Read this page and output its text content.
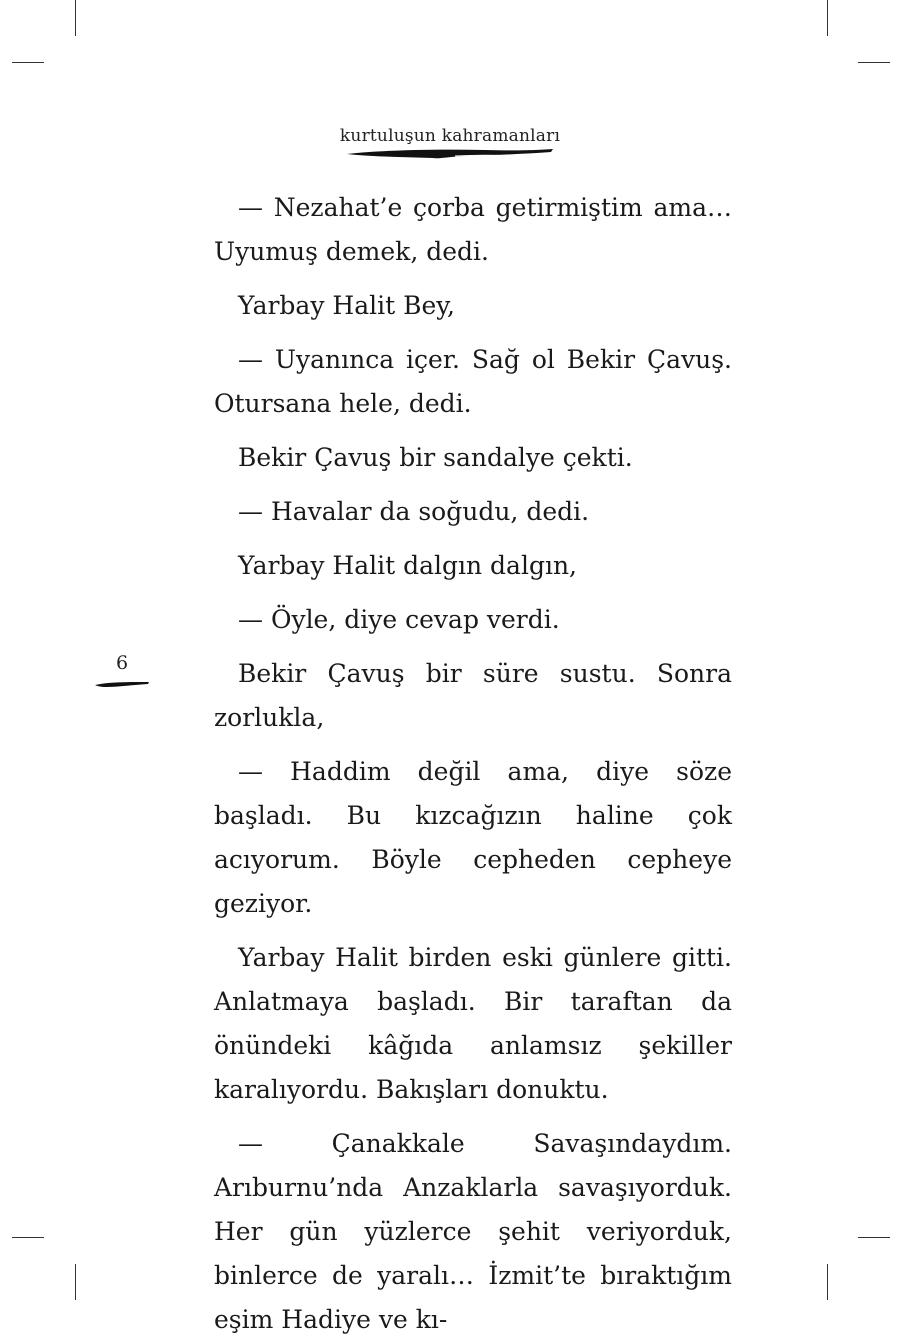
kurtuluşun kahramanları
6

— Nezahat’e çorba getirmiştim ama… Uyumuş demek, dedi.

Yarbay Halit Bey,

— Uyanınca içer. Sağ ol Bekir Çavuş. Otursana hele, dedi.

Bekir Çavuş bir sandalye çekti.

— Havalar da soğudu, dedi.

Yarbay Halit dalgın dalgın,

— Öyle, diye cevap verdi.

Bekir Çavuş bir süre sustu. Sonra zorlukla,

— Haddim değil ama, diye söze başladı. Bu kızcağızın haline çok acıyorum. Böyle cepheden cepheye geziyor.

Yarbay Halit birden eski günlere gitti. Anlatmaya başladı. Bir taraftan da önündeki kâğıda anlamsız şekiller karalıyordu. Bakışları donuktu.

— Çanakkale Savaşındaydım. Arıburnu’nda Anzaklarla savaşıyorduk. Her gün yüzlerce şehit veriyorduk, binlerce de yaralı… İzmit’te bıraktığım eşim Hadiye ve kı-
